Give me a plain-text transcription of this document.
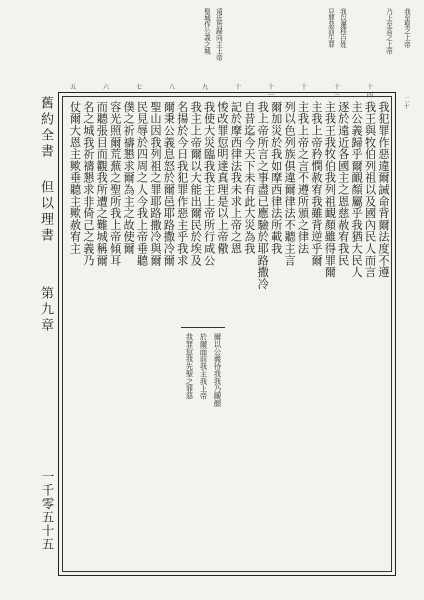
我至聖之上帝
乃上至高之上帝
我以遷移百姓
見罪惡而生罪
遠近皆歸向主上帝
聖城作公義之城
十四
十三
十二
十一
十
九
八
七
六
五
我犯罪作惡違爾誡命背爾法度不遵
我王與牧伯列祖以及國內民人而言
主公義歸乎爾靦顏屬乎我猶大民人
逐於遠近各國主之恩慈赦宥我民
主我王我牧伯我列祖靦顏雖得罪爾
主我上帝矜憫赦宥我雖背逆乎爾
主我上帝之言不遵所頒之律法
列以色列族俱違爾律法不聽主言
爾加災於我如摩西律法所載我
我上帝所言之事盡已應驗於耶路撒冷
自昔迄今天下未有此大災為我
記於摩西律法我未求上帝之恩
悛改罪愆明達真理是以上帝儆
我使大災臨我我主上帝所行咸公
我主上帝爾以大能出爾民於埃及
名揚於今日我犯罪作惡主乎我求
爾秉公義息怒於爾邑耶路撒冷爾
聖山因我列祖之罪耶路撒冷與爾
民見辱於四周之人今我上帝垂聽
僕之祈禱懇求爾為主之故使爾
容光照爾荒蕪之聖所我上帝傾耳
而聽張目而觀我所遭之難城稱爾
名之城我祈禱懇求非倚己之義乃
仗爾大恩主歟垂聽主歟赦宥主
爾以公義待我我乃靦顏
於爾面前我主我上帝
我罪愆我先聖之罪惡
二十
舊約全書
但以理書
第九章
一千零五十五
